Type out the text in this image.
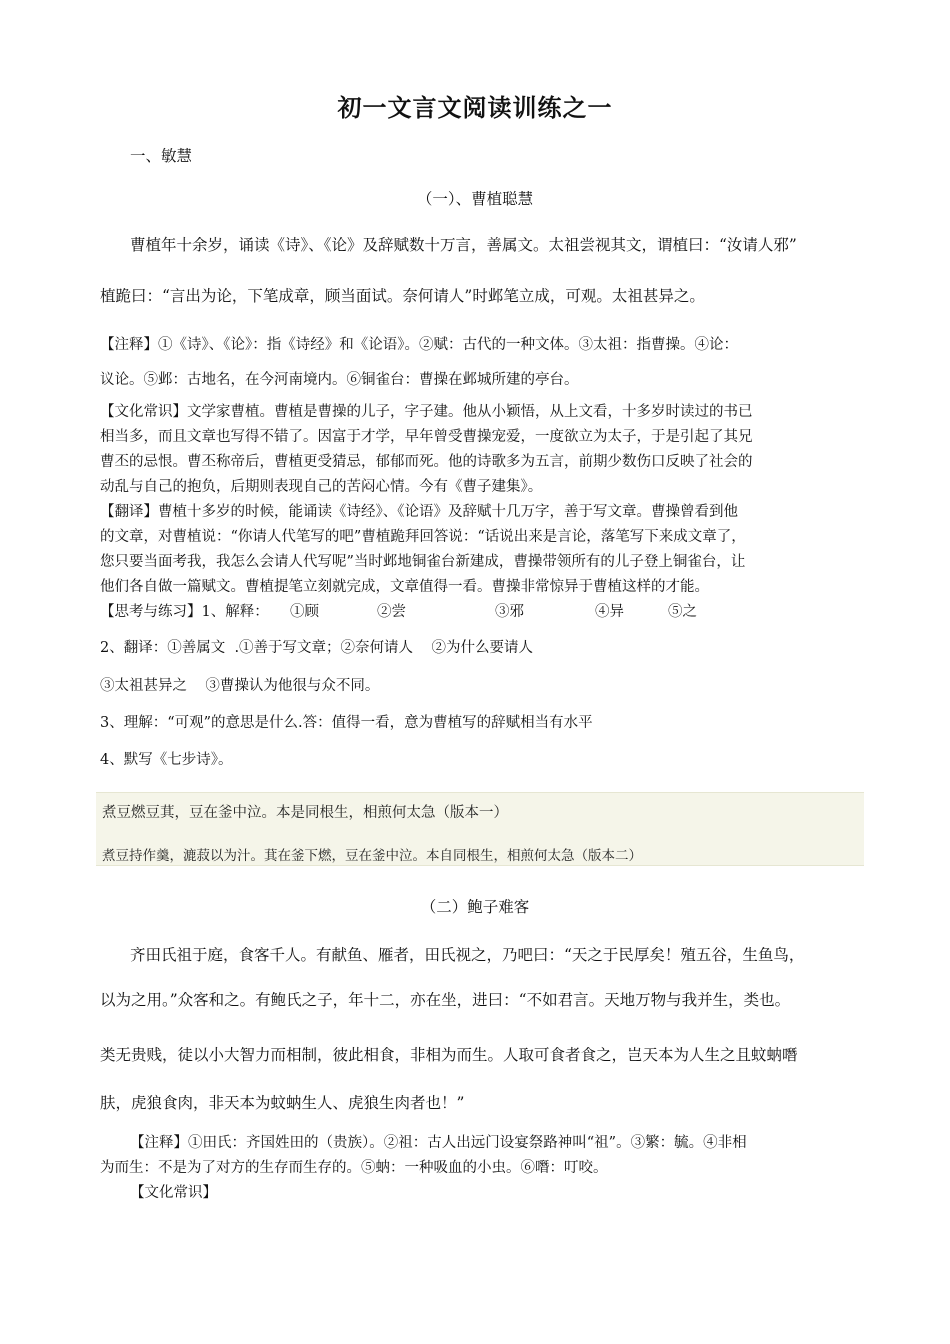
初一文言文阅读训练之一
一、敏慧
（一）、曹植聪慧
曹植年十余岁，诵读《诗》、《论》及辞赋数十万言，善属文。太祖尝视其文，谓植曰：“汝请人邪”
植跪曰：“言出为论，下笔成章，顾当面试。奈何请人”时邺笔立成，可观。太祖甚异之。
【注释】①《诗》、《论》：指《诗经》和《论语》。②赋：古代的一种文体。③太祖：指曹操。④论：
议论。⑤邺：古地名，在今河南境内。⑥铜雀台：曹操在邺城所建的亭台。
【文化常识】文学家曹植。曹植是曹操的儿子，字子建。他从小颖悟，从上文看，十多岁时读过的书已
相当多，而且文章也写得不错了。因富于才学，早年曾受曹操宠爱，一度欲立为太子，于是引起了其兄
曹丕的忌恨。曹丕称帝后，曹植更受猜忌，郁郁而死。他的诗歌多为五言，前期少数伤口反映了社会的
动乱与自己的抱负，后期则表现自己的苦闷心情。今有《曹子建集》。
【翻译】曹植十多岁的时候，能诵读《诗经》、《论语》及辞赋十几万字，善于写文章。曹操曾看到他
的文章，对曹植说：“你请人代笔写的吧”曹植跪拜回答说：“话说出来是言论，落笔写下来成文章了，
您只要当面考我，我怎么会请人代写呢”当时邺地铜雀台新建成，曹操带领所有的儿子登上铜雀台，让
他们各自做一篇赋文。曹植提笔立刻就完成，文章值得一看。曹操非常惊异于曹植这样的才能。
【思考与练习】1、解释： ①顾	②尝	③邪	④异	⑤之
2、翻译：①善属文  .①善于写文章；②奈何请人    ②为什么要请人
③太祖甚异之    ③曹操认为他很与众不同。
3、理解：“可观”的意思是什么.答：值得一看，意为曹植写的辞赋相当有水平
4、默写《七步诗》。
煮豆燃豆萁，豆在釜中泣。本是同根生，相煎何太急（版本一）
煮豆持作羹，漉菽以为汁。萁在釜下燃，豆在釜中泣。本自同根生，相煎何太急（版本二）
（二）鲍子难客
齐田氏祖于庭，食客千人。有献鱼、雁者，田氏视之，乃吧曰：“天之于民厚矣！殖五谷，生鱼鸟，
以为之用。”众客和之。有鲍氏之子，年十二，亦在坐，进曰：“不如君言。天地万物与我并生，类也。
类无贵贱，徒以小大智力而相制，彼此相食，非相为而生。人取可食者食之，岂天本为人生之且蚊蚋噆
肤，虎狼食肉，非天本为蚊蚋生人、虎狼生肉者也！”
【注释】①田氏：齐国姓田的（贵族）。②祖：古人出远门设宴祭路神叫“祖”。③繁：毓。④非相
为而生：不是为了对方的生存而生存的。⑤蚋：一种吸血的小虫。⑥噆：叮咬。
【文化常识】
